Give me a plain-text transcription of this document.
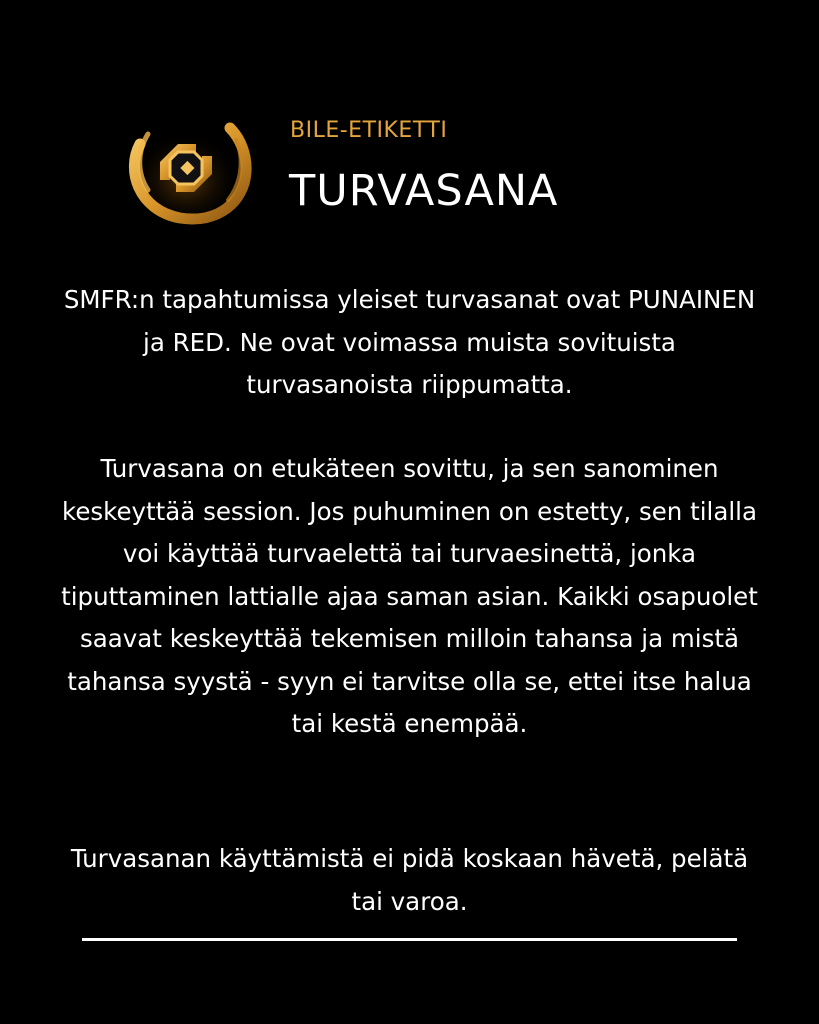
BILE-ETIKETTI
TURVASANA
SMFR:n tapahtumissa yleiset turvasanat ovat PUNAINEN ja RED. Ne ovat voimassa muista sovituista turvasanoista riippumatta.
Turvasana on etukäteen sovittu, ja sen sanominen keskeyttää session. Jos puhuminen on estetty, sen tilalla voi käyttää turvaelettä tai turvaesinettä, jonka tiputtaminen lattialle ajaa saman asian. Kaikki osapuolet saavat keskeyttää tekemisen milloin tahansa ja mistä tahansa syystä - syyn ei tarvitse olla se, ettei itse halua tai kestä enempää.
Turvasanan käyttämistä ei pidä koskaan hävetä, pelätä tai varoa.
